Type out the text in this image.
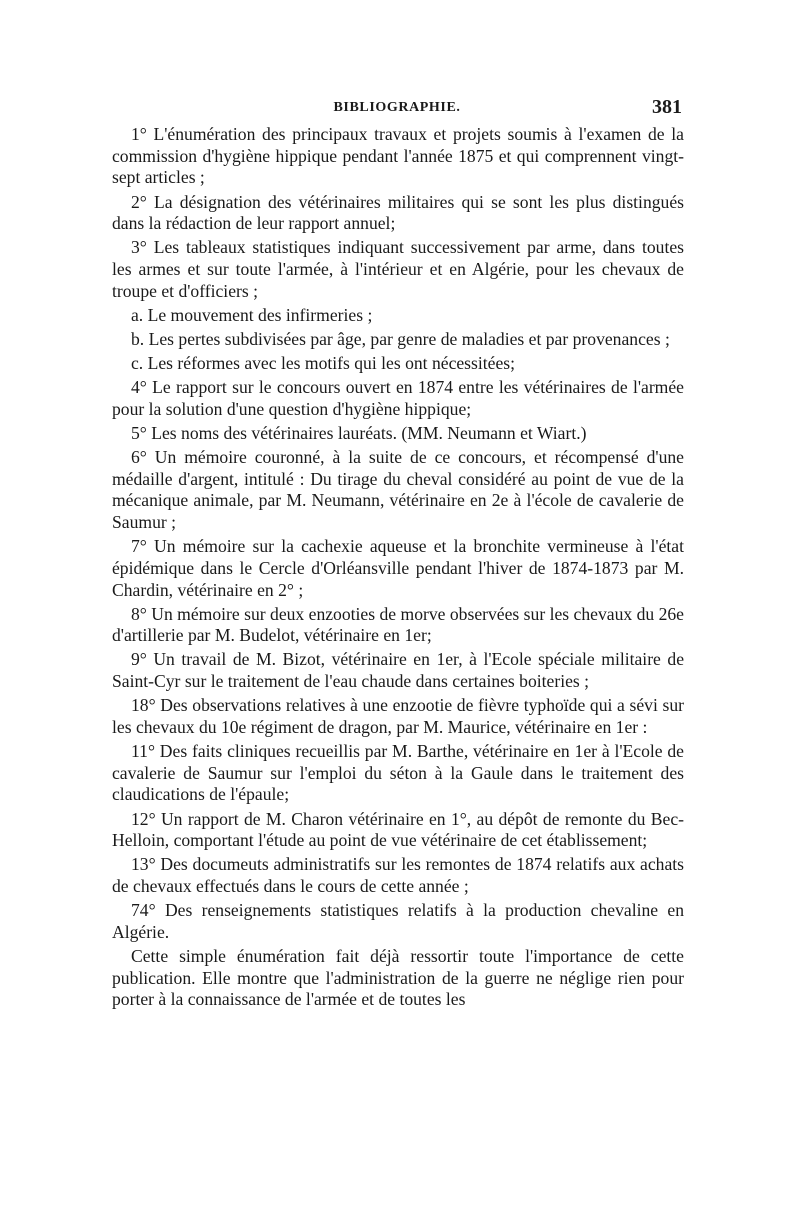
BIBLIOGRAPHIE.	381

1° L'énumération des principaux travaux et projets soumis à l'examen de la commission d'hygiène hippique pendant l'année 1875 et qui comprennent vingt-sept articles ;

2° La désignation des vétérinaires militaires qui se sont les plus distingués dans la rédaction de leur rapport annuel;

3° Les tableaux statistiques indiquant successivement par arme, dans toutes les armes et sur toute l'armée, à l'intérieur et en Algérie, pour les chevaux de troupe et d'officiers ;

a. Le mouvement des infirmeries ;

b. Les pertes subdivisées par âge, par genre de maladies et par provenances ;

c. Les réformes avec les motifs qui les ont nécessitées;

4° Le rapport sur le concours ouvert en 1874 entre les vétérinaires de l'armée pour la solution d'une question d'hygiène hippique;

5° Les noms des vétérinaires lauréats. (MM. Neumann et Wiart.)

6° Un mémoire couronné, à la suite de ce concours, et récompensé d'une médaille d'argent, intitulé : Du tirage du cheval considéré au point de vue de la mécanique animale, par M. Neumann, vétérinaire en 2e à l'école de cavalerie de Saumur ;

7° Un mémoire sur la cachexie aqueuse et la bronchite vermineuse à l'état épidémique dans le Cercle d'Orléansville pendant l'hiver de 1874-1873 par M. Chardin, vétérinaire en 2° ;

8° Un mémoire sur deux enzooties de morve observées sur les chevaux du 26e d'artillerie par M. Budelot, vétérinaire en 1er;

9° Un travail de M. Bizot, vétérinaire en 1er, à l'Ecole spéciale militaire de Saint-Cyr sur le traitement de l'eau chaude dans certaines boiteries ;

18° Des observations relatives à une enzootie de fièvre typhoïde qui a sévi sur les chevaux du 10e régiment de dragon, par M. Maurice, vétérinaire en 1er :

11° Des faits cliniques recueillis par M. Barthe, vétérinaire en 1er à l'Ecole de cavalerie de Saumur sur l'emploi du séton à la Gaule dans le traitement des claudications de l'épaule;

12° Un rapport de M. Charon vétérinaire en 1°, au dépôt de remonte du Bec-Helloin, comportant l'étude au point de vue vétérinaire de cet établissement;

13° Des documeuts administratifs sur les remontes de 1874 relatifs aux achats de chevaux effectués dans le cours de cette année ;

74° Des renseignements statistiques relatifs à la production chevaline en Algérie.

Cette simple énumération fait déjà ressortir toute l'importance de cette publication. Elle montre que l'administration de la guerre ne néglige rien pour porter à la connaissance de l'armée et de toutes les
